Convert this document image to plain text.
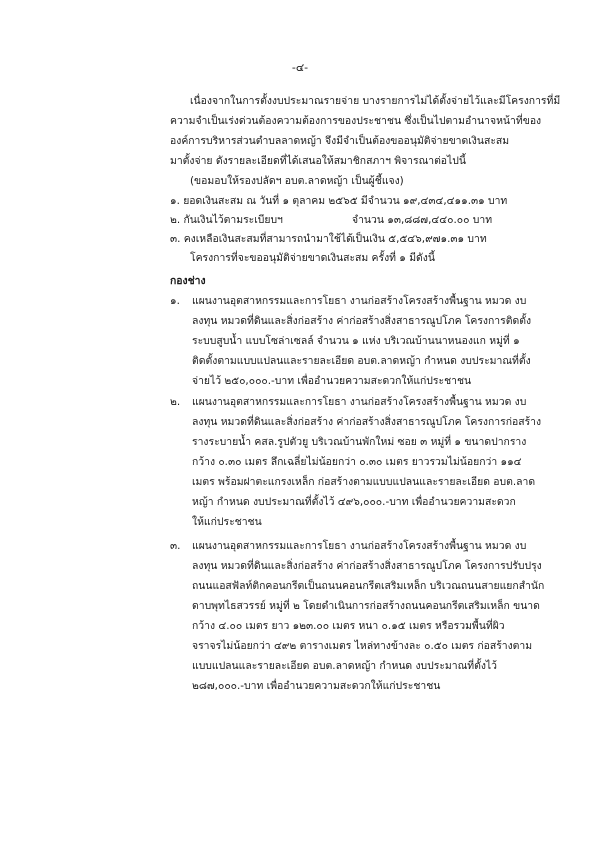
-๔-
เนื่องจากในการตั้งงบประมาณรายจ่าย บางรายการไม่ได้ตั้งจ่ายไว้และมีโครงการที่มี
ความจำเป็นเร่งด่วนต้องความต้องการของประชาชน ซึ่งเป็นไปตามอำนาจหน้าที่ของ
องค์การบริหารส่วนตำบลลาดหญ้า จึงมีจำเป็นต้องขออนุมัติจ่ายขาดเงินสะสม
มาตั้งจ่าย ดังรายละเอียดที่ได้เสนอให้สมาชิกสภาฯ พิจารณาต่อไปนี้
(ขอมอบให้รองปลัดฯ อบต.ลาดหญ้า เป็นผู้ชี้แจง)
๑. ยอดเงินสะสม ณ วันที่ ๑ ตุลาคม ๒๕๖๕ มีจำนวน ๑๙,๔๓๔,๔๑๑.๓๑ บาท
๒. กันเงินไว้ตามระเบียบฯ	จำนวน ๑๓,๘๘๗,๔๔๐.๐๐ บาท
๓. คงเหลือเงินสะสมที่สามารถนำมาใช้ได้ เป็นเงิน ๕,๕๔๖,๙๗๑.๓๑ บาท
โครงการที่จะขออนุมัติจ่ายขาดเงินสะสม ครั้งที่ ๑ มีดังนี้
กองช่าง
๑. แผนงานอุตสาหกรรมและการโยธา งานก่อสร้างโครงสร้างพื้นฐาน หมวด งบ
ลงทุน หมวดที่ดินและสิ่งก่อสร้าง ค่าก่อสร้างสิ่งสาธารณูปโภค โครงการติดตั้ง
ระบบสูบน้ำ แบบโซล่าเซลล์ จำนวน ๑ แห่ง บริเวณบ้านนาหนองแก หมู่ที่ ๑
ติดตั้งตามแบบแปลนและรายละเอียด อบต.ลาดหญ้า กำหนด งบประมาณที่ตั้ง
จ่ายไว้ ๒๕๐,๐๐๐.-บาท เพื่ออำนวยความสะดวกให้แก่ประชาชน
๒. แผนงานอุตสาหกรรมและการโยธา งานก่อสร้างโครงสร้างพื้นฐาน หมวด งบ
ลงทุน หมวดที่ดินและสิ่งก่อสร้าง ค่าก่อสร้างสิ่งสาธารณูปโภค โครงการก่อสร้าง
รางระบายน้ำ คสล.รูปตัวยู บริเวณบ้านพักใหม่ ซอย ๓ หมู่ที่ ๑ ขนาดปากราง
กว้าง ๐.๓๐ เมตร ลึกเฉลี่ยไม่น้อยกว่า ๐.๓๐ เมตร ยาวรวมไม่น้อยกว่า ๑๑๔
เมตร พร้อมฝาตะแกรงเหล็ก ก่อสร้างตามแบบแปลนและรายละเอียด อบต.ลาด
หญ้า กำหนด งบประมาณที่ตั้งไว้ ๔๙๖,๐๐๐.-บาท เพื่ออำนวยความสะดวก
ให้แก่ประชาชน
๓. แผนงานอุตสาหกรรมและการโยธา งานก่อสร้างโครงสร้างพื้นฐาน หมวด งบ
ลงทุน หมวดที่ดินและสิ่งก่อสร้าง ค่าก่อสร้างสิ่งสาธารณูปโภค โครงการปรับปรุง
ถนนแอสฟัลท์ติกคอนกรีตเป็นถนนคอนกรีตเสริมเหล็ก บริเวณถนนสายแยกสำนัก
ดาบพุทไธสวรรย์ หมู่ที่ ๒ โดยดำเนินการก่อสร้างถนนคอนกรีตเสริมเหล็ก ขนาด
กว้าง ๔.๐๐ เมตร ยาว ๑๒๓.๐๐ เมตร หนา ๐.๑๕ เมตร หรือรวมพื้นที่ผิว
จราจรไม่น้อยกว่า ๔๙๒ ตารางเมตร ไหล่ทางข้างละ ๐.๕๐ เมตร ก่อสร้างตาม
แบบแปลนและรายละเอียด อบต.ลาดหญ้า กำหนด งบประมาณที่ตั้งไว้
๒๘๗,๐๐๐.-บาท เพื่ออำนวยความสะดวกให้แก่ประชาชน
